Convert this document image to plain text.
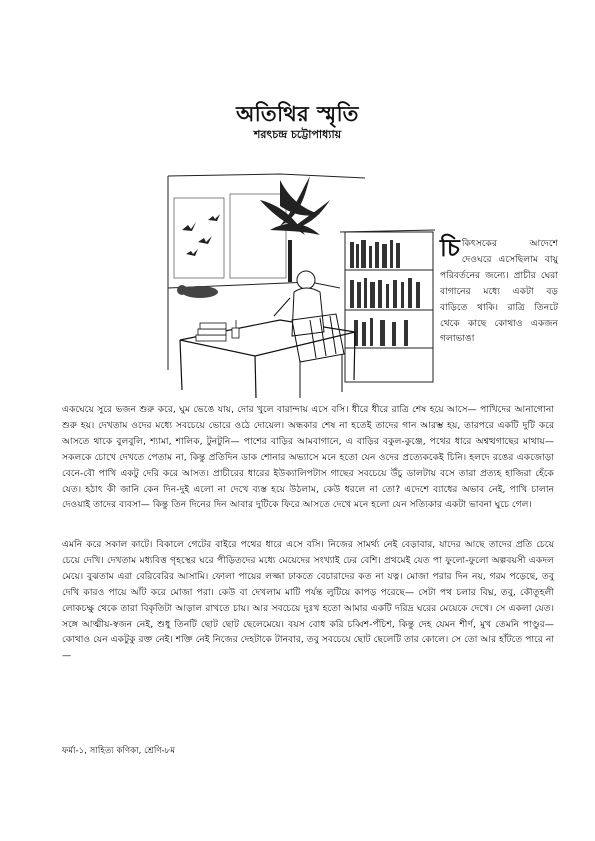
অতিথির স্মৃতি
শরৎচন্দ্র চট্টোপাধ্যায়
চিকিৎসকের আদেশে দেওঘরে এসেছিলাম বায়ু পরিবর্তনের জন্যে। প্রাচীর ঘেরা বাগানের মধ্যে একটা বড় বাড়িতে থাকি। রাত্রি তিনটে থেকে কাছে কোথাও একজন গলাভাঙা
একঘেয়ে সুরে ভজন শুরু করে, ঘুম ভেঙে যায়, দোর খুলে বারান্দায় এসে বসি। ধীরে ধীরে রাত্রি শেষ হয়ে আসে— পাখিদের আনাগোনা শুরু হয়। দেখতাম ওদের মধ্যে সবচেয়ে ভোরে ওঠে দোয়েল। অন্ধকার শেষ না হতেই তাদের গান আরম্ভ হয়, তারপরে একটি দুটি করে আসতে থাকে বুলবুলি, শ্যামা, শালিক, টুনটুনি— পাশের বাড়ির আমবাগানে, এ বাড়ির বকুল-কুঞ্জে, পথের ধারে অশ্বত্থগাছের মাথায়— সকলকে চোখে দেখতে পেতাম না, কিন্তু প্রতিদিন ডাক শোনার অভ্যাসে মনে হতো যেন ওদের প্রত্যেককেই চিনি। হলদে রঙের একজোড়া বেনে-বৌ পাখি একটু দেরি করে আসত। প্রাচীরের ধারের ইউক্যালিপটাস গাছের সবচেয়ে উঁচু ডালটায় বসে তারা প্রত্যহ হাজিরা হেঁকে যেত। হঠাৎ কী জানি কেন দিন-দুই এলো না দেখে ব্যস্ত হয়ে উঠলাম, কেউ ধরলে না তো? এদেশে ব্যাধের অভাব নেই, পাখি চালান দেওয়াই তাদের ব্যবসা— কিন্তু তিন দিনের দিন আবার দুটিকে ফিরে আসতে দেখে মনে হলো যেন সত্যিকার একটা ভাবনা ঘুচে গেল।
এমনি করে সকাল কাটে। বিকালে গেটের বাইরে পথের ধারে এসে বসি। নিজের সামর্থ্য নেই বেড়াবার, যাদের আছে তাদের প্রতি চেয়ে চেয়ে দেখি। দেখতাম মধ্যবিত্ত গৃহস্থের ঘরে পীড়িতদের মধ্যে মেয়েদের সংখ্যাই ঢের বেশি। প্রথমেই যেত পা ফুলো-ফুলো অল্পবয়সী একদল মেয়ে। বুঝতাম এরা বেরিবেরির আসামি। ফোলা পায়ের লজ্জা ঢাকতে বেচারাদের কত না যত্ন। মোজা পরার দিন নয়, গরম পড়েছে, তবু দেখি কারও পায়ে আঁট করে মোজা পরা। কেউ বা দেখলাম মাটি পর্যন্ত লুটিয়ে কাপড় পরেছে— সেটা পথ চলার বিঘ্ন, তবু, কৌতূহলী লোকচক্ষু থেকে তারা বিকৃতিটা আড়াল রাখতে চায়। আর সবচেয়ে দুঃখ হতো আমার একটি দরিদ্র ঘরের মেয়েকে দেখে। সে একলা যেত। সঙ্গে আত্মীয়-স্বজন নেই, শুধু তিনটি ছোট ছোট ছেলেমেয়ে। বয়স বোধ করি চব্বিশ-পঁচিশ, কিন্তু দেহ যেমন শীর্ণ, মুখ তেমনি পাণ্ডুর— কোথাও যেন একটুকু রক্ত নেই। শক্তি নেই নিজের দেহটাকে টানবার, তবু সবচেয়ে ছোট ছেলেটি তার কোলে। সে তো আর হাঁটতে পারে না—
ফর্মা-১, সাহিত্য কণিকা, শ্রেণি-৮ম
